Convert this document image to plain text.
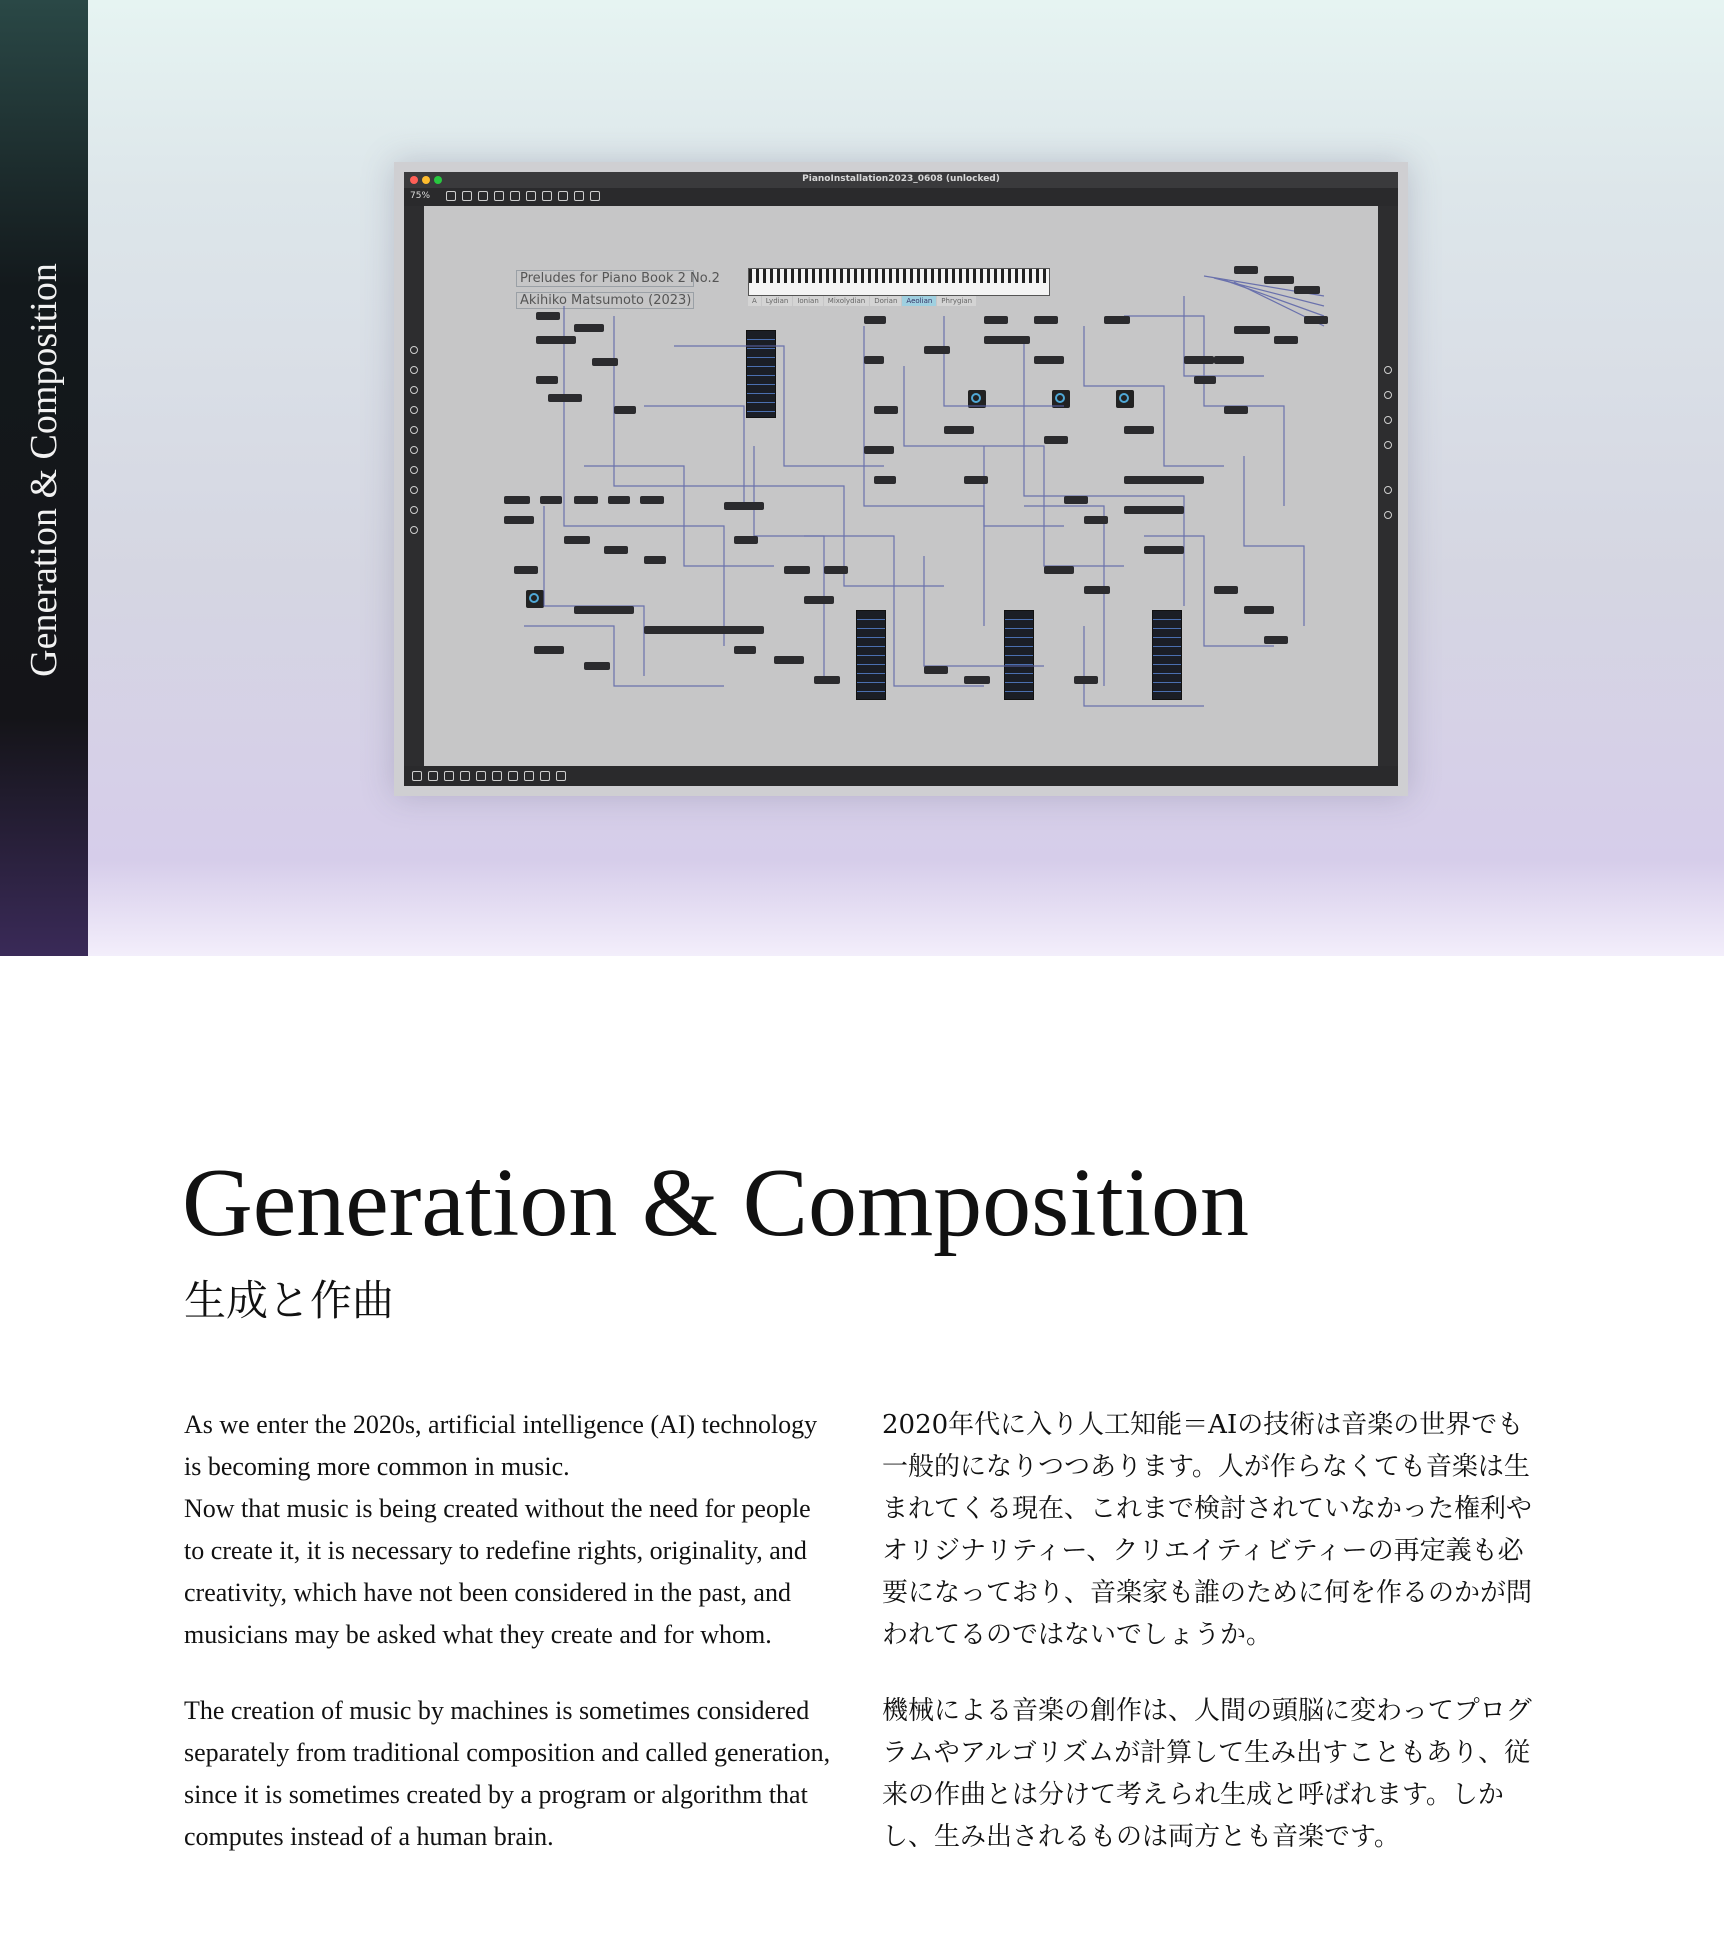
Generation & Composition
PianoInstallation2023_0608 (unlocked)
75%
Preludes for Piano Book 2 No.2
Akihiko Matsumoto (2023)	A	Lydian	Ionian	Mixolydian	Dorian	Aeolian	Phrygian
Generation & Composition
生成と作曲

As we enter the 2020s, artificial intelligence (AI) technology is becoming more common in music.
Now that music is being created without the need for people to create it, it is necessary to redefine rights, originality, and creativity, which have not been considered in the past, and musicians may be asked what they create and for whom.

The creation of music by machines is sometimes considered separately from traditional composition and called generation, since it is sometimes created by a program or algorithm that computes instead of a human brain.

2020年代に入り人工知能＝AIの技術は音楽の世界でも一般的になりつつあります。人が作らなくても音楽は生まれてくる現在、これまで検討されていなかった権利やオリジナリティー、クリエイティビティーの再定義も必要になっており、音楽家も誰のために何を作るのかが問われてるのではないでしょうか。

機械による音楽の創作は、人間の頭脳に変わってプログラムやアルゴリズムが計算して生み出すこともあり、従来の作曲とは分けて考えられ生成と呼ばれます。しかし、生み出されるものは両方とも音楽です。
